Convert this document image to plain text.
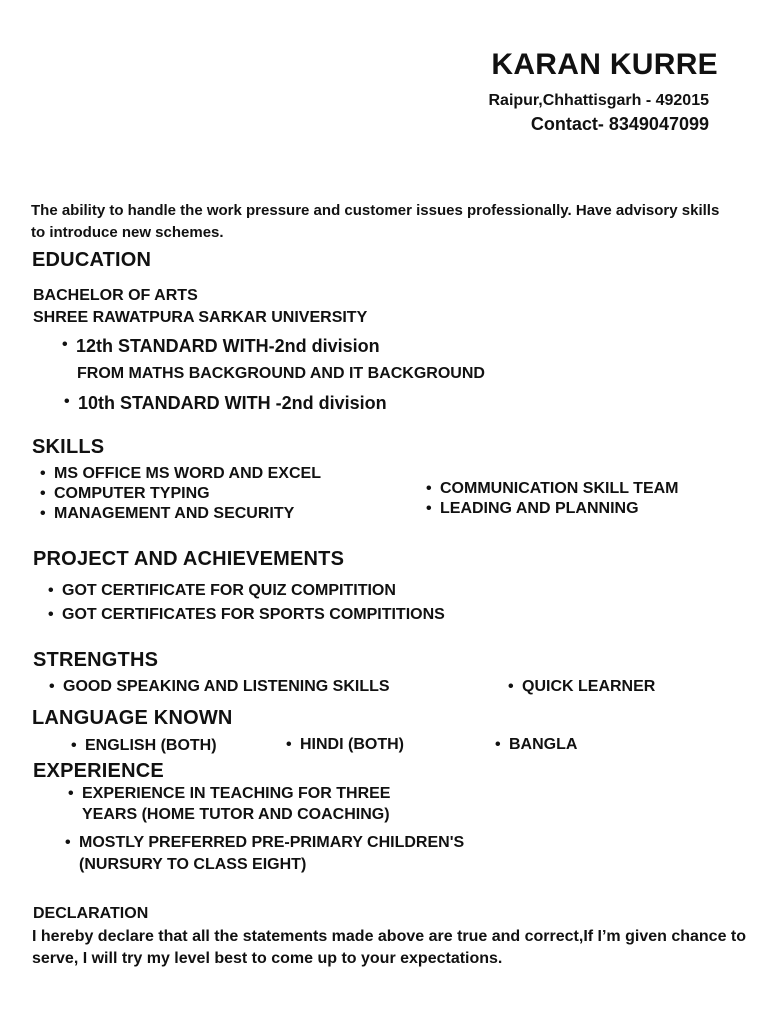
KARAN KURRE
Raipur,Chhattisgarh - 492015
Contact- 8349047099
The ability to handle the work pressure and customer issues professionally. Have advisory skills to introduce new schemes.
EDUCATION
BACHELOR OF ARTS
SHREE RAWATPURA SARKAR UNIVERSITY
• 12th STANDARD WITH-2nd division
FROM MATHS BACKGROUND AND IT BACKGROUND
• 10th STANDARD WITH -2nd division
SKILLS
• MS OFFICE MS WORD AND EXCEL
• COMPUTER TYPING
• MANAGEMENT AND SECURITY
• COMMUNICATION SKILL TEAM
• LEADING AND PLANNING
PROJECT AND ACHIEVEMENTS
• GOT CERTIFICATE FOR QUIZ COMPITITION
• GOT CERTIFICATES FOR SPORTS COMPITITIONS
STRENGTHS
• GOOD SPEAKING AND LISTENING SKILLS	• QUICK LEARNER
LANGUAGE KNOWN
• ENGLISH (BOTH)	• HINDI (BOTH)	• BANGLA
EXPERIENCE
• EXPERIENCE IN TEACHING FOR THREE
YEARS (HOME TUTOR AND COACHING)
• MOSTLY PREFERRED PRE-PRIMARY CHILDREN'S
(NURSURY TO CLASS EIGHT)
DECLARATION
I hereby declare that all the statements made above are true and correct,If I’m given chance to serve, I will try my level best to come up to your expectations.
